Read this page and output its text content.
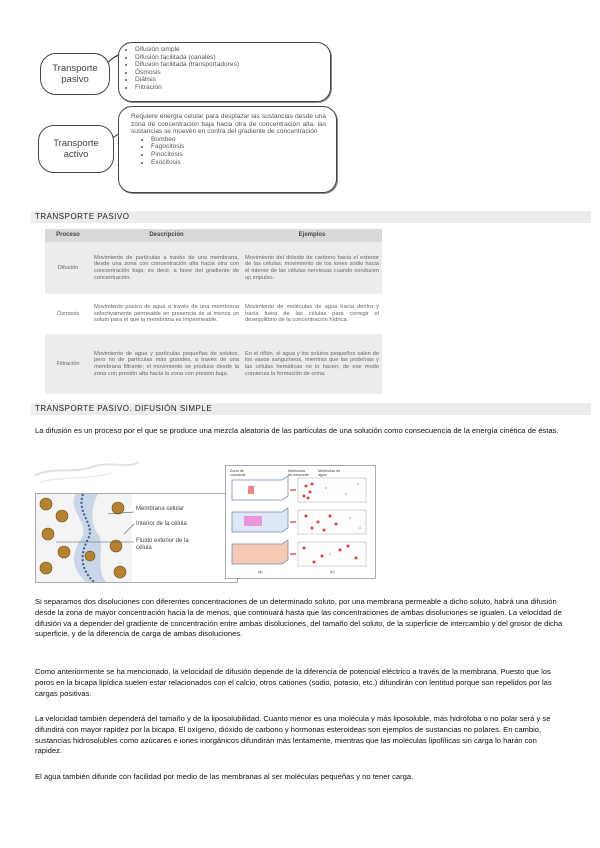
Transporte pasivo
• Difusión simple
• Difusión facilitada (canales)
• Difusión facilitada (transportadores)
• Ósmosis
• Diálisis
• Filtración
Transporte activo
Requiere energía celular para desplazar las sustancias desde una zona de concentración baja hacia otra de concentración alta, las sustancias se mueven en contra del gradiente de concentración
• Bombeo
• Fagocitosis
• Pinocitosis
• Exocitosis
TRANSPORTE PASIVO
Proceso	Descripción	Ejemplos
Difusión	Movimiento de partículas a través de una membrana, desde una zona con concentración alta hacia otra con concentración baja; es decir, a favor del gradiente de concentración.	Movimiento del dióxido de carbono hacia el exterior de las células; movimiento de los iones sodio hacia el interior de las células nerviosas cuando conducen un impulso.
Ósmosis	Movimiento pasivo de agua a través de una membrana selectivamente permeable en presencia de al menos un soluto para el que la membrana es impermeable.	Movimiento de moléculas de agua hacia dentro y hacia fuera de las células para corregir el desequilibrio de la concentración hídrica.
Filtración	Movimiento de agua y partículas pequeñas de solutos, pero no de partículas más grandes, a través de una membrana filtrante; el movimiento se produce desde la zona con presión alta hacia la zona con presión baja.	En el riñón, el agua y los solutos pequeños salen de los vasos sanguíneos, mientras que las proteínas y las células hemáticas no lo hacen; de ese modo comienza la formación de orina.
TRANSPORTE PASIVO. DIFUSIÓN SIMPLE
La difusión es un proceso por el que se produce una mezcla aleatoria de las partículas de una solución como consecuencia de la energía cinética de éstas.
Membrana celular
Interior de la célula
Fluido exterior de la célula
Zona de colorante
Moléculas de colorante
Moléculas de agua
(a)	(b)
Si separamos dos disoluciones con diferentes concentraciones de un determinado soluto, por una membrana permeable a dicho soluto, habrá una difusión desde la zona de mayor concentración hacia la de menos, que continuará hasta que las concentraciones de ambas disoluciones se igualen. La velocidad de difusión va a depender del gradiente de concentración entre ambas disoluciones, del tamaño del soluto, de la superficie de intercambio y del grosor de dicha superficie, y de la diferencia de carga de ambas disoluciones.
Como anteriormente se ha mencionado, la velocidad de difusión depende de la diferencia de potencial eléctrico a través de la membrana. Puesto que los poros en la bicapa lipídica suelen estar relacionados con el calcio, otros cationes (sodio, potasio, etc.) difundirán con lentitud porque son repelidos por las cargas positivas.
La velocidad también dependerá del tamaño y de la liposolubilidad. Cuanto menor es una molécula y más liposoluble, más hidrófoba o no polar será y se difundirá con mayor rapidez por la bicapa. El oxígeno, dióxido de carbono y hormonas esteroideas son ejemplos de sustancias no polares. En cambio, sustancias hidrosolubles como azúcares e iones inorgánicos difundirán más lentamente, mientras que las moléculas lipofílicas sin carga lo harán con rapidez.
El agua también difunde con facilidad por medio de las membranas al ser moléculas pequeñas y no tener carga.
